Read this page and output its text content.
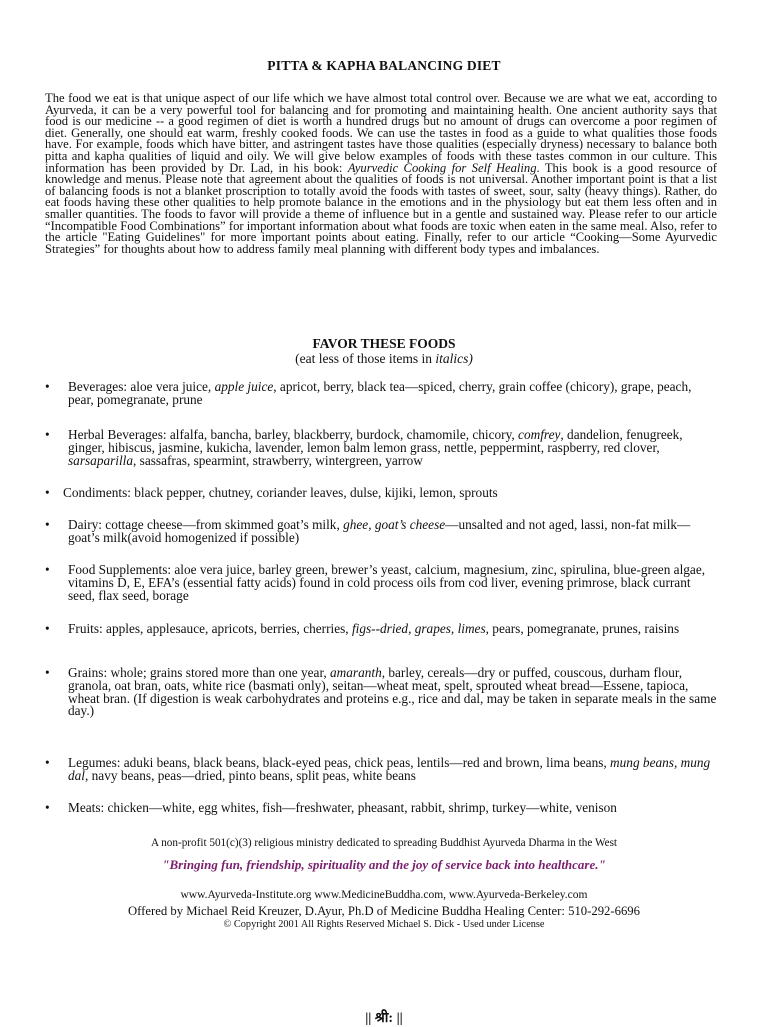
PITTA & KAPHA BALANCING DIET

The food we eat is that unique aspect of our life which we have almost total control over. Because we are what we eat, according to Ayurveda, it can be a very powerful tool for balancing and for promoting and maintaining health. One ancient authority says that food is our medicine -- a good regimen of diet is worth a hundred drugs but no amount of drugs can overcome a poor regimen of diet. Generally, one should eat warm, freshly cooked foods. We can use the tastes in food as a guide to what qualities those foods have. For example, foods which have bitter, and astringent tastes have those qualities (especially dryness) necessary to balance both pitta and kapha qualities of liquid and oily. We will give below examples of foods with these tastes common in our culture. This information has been provided by Dr. Lad, in his book: Ayurvedic Cooking for Self Healing. This book is a good resource of knowledge and menus. Please note that agreement about the qualities of foods is not universal. Another important point is that a list of balancing foods is not a blanket proscription to totally avoid the foods with tastes of sweet, sour, salty (heavy things). Rather, do eat foods having these other qualities to help promote balance in the emotions and in the physiology but eat them less often and in smaller quantities. The foods to favor will provide a theme of influence but in a gentle and sustained way. Please refer to our article “Incompatible Food Combinations” for important information about what foods are toxic when eaten in the same meal. Also, refer to the article "Eating Guidelines" for more important points about eating. Finally, refer to our article “Cooking—Some Ayurvedic Strategies” for thoughts about how to address family meal planning with different body types and imbalances.

FAVOR THESE FOODS
(eat less of those items in italics)
• Beverages: aloe vera juice, apple juice, apricot, berry, black tea—spiced, cherry, grain coffee (chicory), grape, peach, pear, pomegranate, prune
• Herbal Beverages: alfalfa, bancha, barley, blackberry, burdock, chamomile, chicory, comfrey, dandelion, fenugreek, ginger, hibiscus, jasmine, kukicha, lavender, lemon balm lemon grass, nettle, peppermint, raspberry, red clover, sarsaparilla, sassafras, spearmint, strawberry, wintergreen, yarrow
• Condiments: black pepper, chutney, coriander leaves, dulse, kijiki, lemon, sprouts
• Dairy: cottage cheese—from skimmed goat’s milk, ghee, goat’s cheese—unsalted and not aged, lassi, non-fat milk—goat’s milk(avoid homogenized if possible)
• Food Supplements: aloe vera juice, barley green, brewer’s yeast, calcium, magnesium, zinc, spirulina, blue-green algae, vitamins D, E, EFA’s (essential fatty acids) found in cold process oils from cod liver, evening primrose, black currant seed, flax seed, borage
• Fruits: apples, applesauce, apricots, berries, cherries, figs--dried, grapes, limes, pears, pomegranate, prunes, raisins
• Grains: whole; grains stored more than one year, amaranth, barley, cereals—dry or puffed, couscous, durham flour, granola, oat bran, oats, white rice (basmati only), seitan—wheat meat, spelt, sprouted wheat bread—Essene, tapioca, wheat bran. (If digestion is weak carbohydrates and proteins e.g., rice and dal, may be taken in separate meals in the same day.)
• Legumes: aduki beans, black beans, black-eyed peas, chick peas, lentils—red and brown, lima beans, mung beans, mung dal, navy beans, peas—dried, pinto beans, split peas, white beans
• Meats: chicken—white, egg whites, fish—freshwater, pheasant, rabbit, shrimp, turkey—white, venison
A non-profit 501(c)(3) religious ministry dedicated to spreading Buddhist Ayurveda Dharma in the West
"Bringing fun, friendship, spirituality and the joy of service back into healthcare."
www.Ayurveda-Institute.org www.MedicineBuddha.com, www.Ayurveda-Berkeley.com
Offered by Michael Reid Kreuzer, D.Ayur, Ph.D of Medicine Buddha Healing Center: 510-292-6696
© Copyright 2001 All Rights Reserved Michael S. Dick - Used under License
|| श्री: ||
